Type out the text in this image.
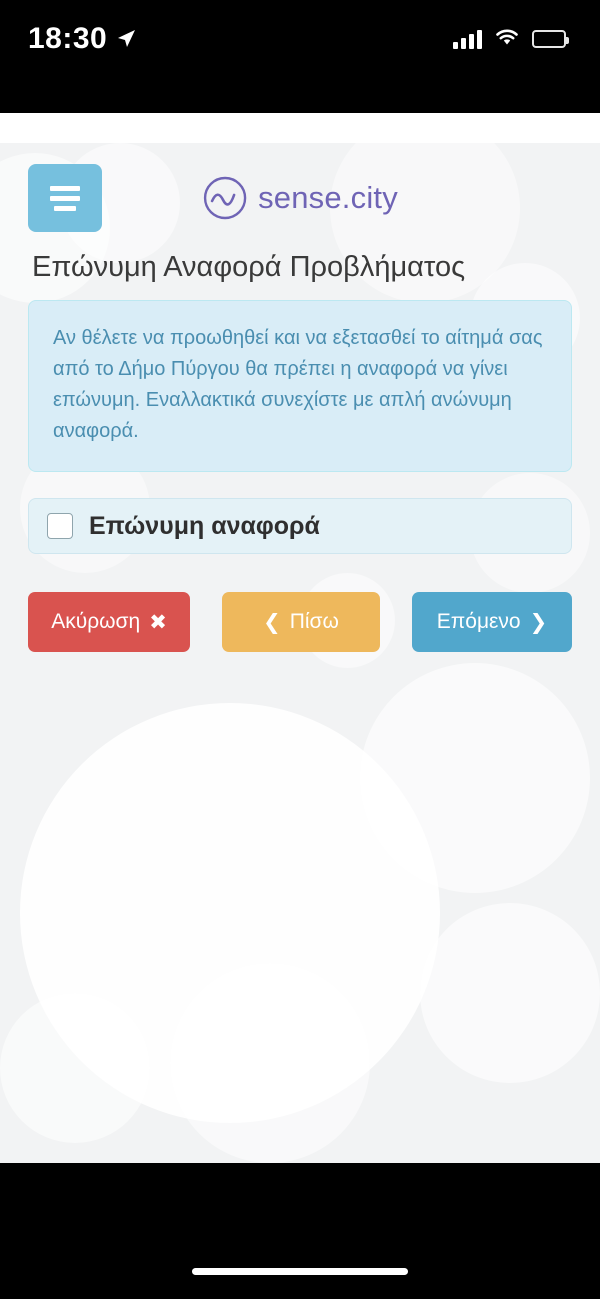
18:30
sense.city
Επώνυμη Αναφορά Προβλήματος
Αν θέλετε να προωθηθεί και να εξετασθεί το αίτημά σας από το Δήμο Πύργου θα πρέπει η αναφορά να γίνει επώνυμη. Εναλλακτικά συνεχίστε με απλή ανώνυμη αναφορά.
Επώνυμη αναφορά
Ακύρωση ✖	❮ Πίσω	Επόμενο ❯
